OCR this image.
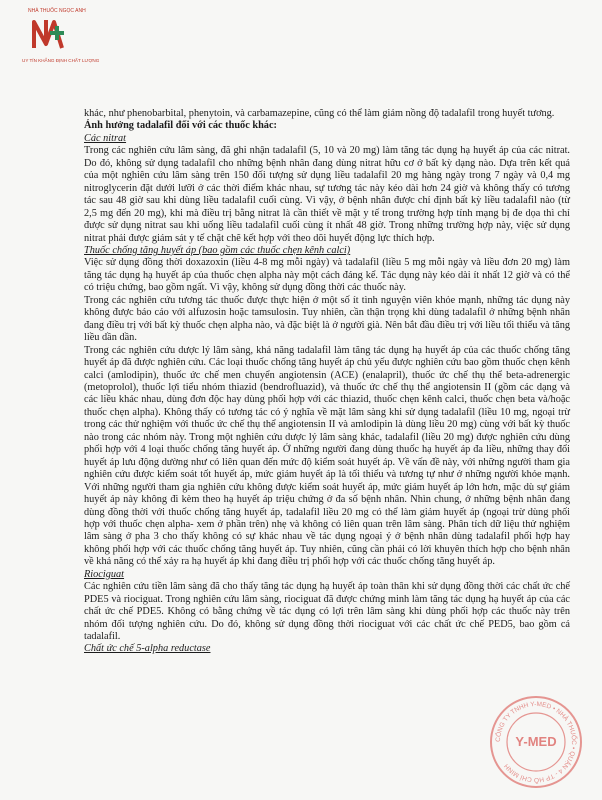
NHÀ THUỐC NGỌC ANH
UY TÍN KHẲNG ĐỊNH CHẤT LƯỢNG

khác, như phenobarbital, phenytoin, và carbamazepine, cũng có thể làm giảm nồng độ tadalafil trong huyết tương.

Ảnh hưởng tadalafil đối với các thuốc khác:

Các nitrat

Trong các nghiên cứu lâm sàng, đã ghi nhận tadalafil (5, 10 và 20 mg) làm tăng tác dụng hạ huyết áp của các nitrat. Do đó, không sử dụng tadalafil cho những bệnh nhân đang dùng nitrat hữu cơ ở bất kỳ dạng nào. Dựa trên kết quả của một nghiên cứu lâm sàng trên 150 đối tượng sử dụng liều tadalafil 20 mg hàng ngày trong 7 ngày và 0,4 mg nitroglycerin đặt dưới lưỡi ở các thời điểm khác nhau, sự tương tác này kéo dài hơn 24 giờ và không thấy có tương tác sau 48 giờ sau khi dùng liều tadalafil cuối cùng. Vì vậy, ở bệnh nhân được chỉ định bất kỳ liều tadalafil nào (từ 2,5 mg đến 20 mg), khi mà điều trị bằng nitrat là cần thiết về mặt y tế trong trường hợp tính mạng bị đe dọa thì chỉ được sử dụng nitrat sau khi uống liều tadalafil cuối cùng ít nhất 48 giờ. Trong những trường hợp này, việc sử dụng nitrat phải được giám sát y tế chặt chẽ kết hợp với theo dõi huyết động lực thích hợp.

Thuốc chống tăng huyết áp (bao gồm các thuốc chẹn kênh calci)

Việc sử dụng đồng thời doxazoxin (liều 4-8 mg mỗi ngày) và tadalafil (liều 5 mg mỗi ngày và liều đơn 20 mg) làm tăng tác dụng hạ huyết áp của thuốc chẹn alpha này một cách đáng kể. Tác dụng này kéo dài ít nhất 12 giờ và có thể có triệu chứng, bao gồm ngất. Vì vậy, không sử dụng đồng thời các thuốc này.

Trong các nghiên cứu tương tác thuốc được thực hiện ở một số ít tình nguyện viên khỏe mạnh, những tác dụng này không được báo cáo với alfuzosin hoặc tamsulosin. Tuy nhiên, cần thận trọng khi dùng tadalafil ở những bệnh nhân đang điều trị với bất kỳ thuốc chẹn alpha nào, và đặc biệt là ở người già. Nên bắt đầu điều trị với liều tối thiểu và tăng liều dần dần.

Trong các nghiên cứu dược lý lâm sàng, khả năng tadalafil làm tăng tác dụng hạ huyết áp của các thuốc chống tăng huyết áp đã được nghiên cứu. Các loại thuốc chống tăng huyết áp chủ yếu được nghiên cứu bao gồm thuốc chẹn kênh calci (amlodipin), thuốc ức chế men chuyển angiotensin (ACE) (enalapril), thuốc ức chế thụ thể beta-adrenergic (metoprolol), thuốc lợi tiểu nhóm thiazid (bendrofluazid), và thuốc ức chế thụ thể angiotensin II (gồm các dạng và các liều khác nhau, dùng đơn độc hay dùng phối hợp với các thiazid, thuốc chẹn kênh calci, thuốc chẹn beta và/hoặc thuốc chẹn alpha). Không thấy có tương tác có ý nghĩa về mặt lâm sàng khi sử dụng tadalafil (liều 10 mg, ngoại trừ trong các thử nghiệm với thuốc ức chế thụ thể angiotensin II và amlodipin là dùng liều 20 mg) cùng với bất kỳ thuốc nào trong các nhóm này. Trong một nghiên cứu dược lý lâm sàng khác, tadalafil (liều 20 mg) được nghiên cứu dùng phối hợp với 4 loại thuốc chống tăng huyết áp. Ở những người đang dùng thuốc hạ huyết áp đa liều, những thay đổi huyết áp lưu động dường như có liên quan đến mức độ kiểm soát huyết áp. Về vấn đề này, với những người tham gia nghiên cứu được kiểm soát tốt huyết áp, mức giảm huyết áp là tối thiểu và tương tự như ở những người khỏe mạnh. Với những người tham gia nghiên cứu không được kiểm soát huyết áp, mức giảm huyết áp lớn hơn, mặc dù sự giảm huyết áp này không đi kèm theo hạ huyết áp triệu chứng ở đa số bệnh nhân. Nhìn chung, ở những bệnh nhân đang dùng đồng thời với thuốc chống tăng huyết áp, tadalafil liều 20 mg có thể làm giảm huyết áp (ngoại trừ dùng phối hợp với thuốc chẹn alpha- xem ở phần trên) nhẹ và không có liên quan trên lâm sàng. Phân tích dữ liệu thử nghiệm lâm sàng ở pha 3 cho thấy không có sự khác nhau về tác dụng ngoại ý ở bệnh nhân dùng tadalafil phối hợp hay không phối hợp với các thuốc chống tăng huyết áp. Tuy nhiên, cũng cần phải có lời khuyên thích hợp cho bệnh nhân về khả năng có thể xảy ra hạ huyết áp khi đang điều trị phối hợp với các thuốc chống tăng huyết áp.

Riociguat

Các nghiên cứu tiền lâm sàng đã cho thấy tăng tác dụng hạ huyết áp toàn thân khi sử dụng đồng thời các chất ức chế PDE5 và riociguat. Trong nghiên cứu lâm sàng, riociguat đã được chứng minh làm tăng tác dụng hạ huyết áp của các chất ức chế PDE5. Không có bằng chứng về tác dụng có lợi trên lâm sàng khi dùng phối hợp các thuốc này trên nhóm đối tượng nghiên cứu. Do đó, không sử dụng đồng thời riociguat với các chất ức chế PED5, bao gồm cả tadalafil.

Chất ức chế 5-alpha reductase

CÔNG TY TNHH Y-MED • NHÀ THUỐC • QUẬN 4 - TP HỒ CHÍ MINH
Y-MED
